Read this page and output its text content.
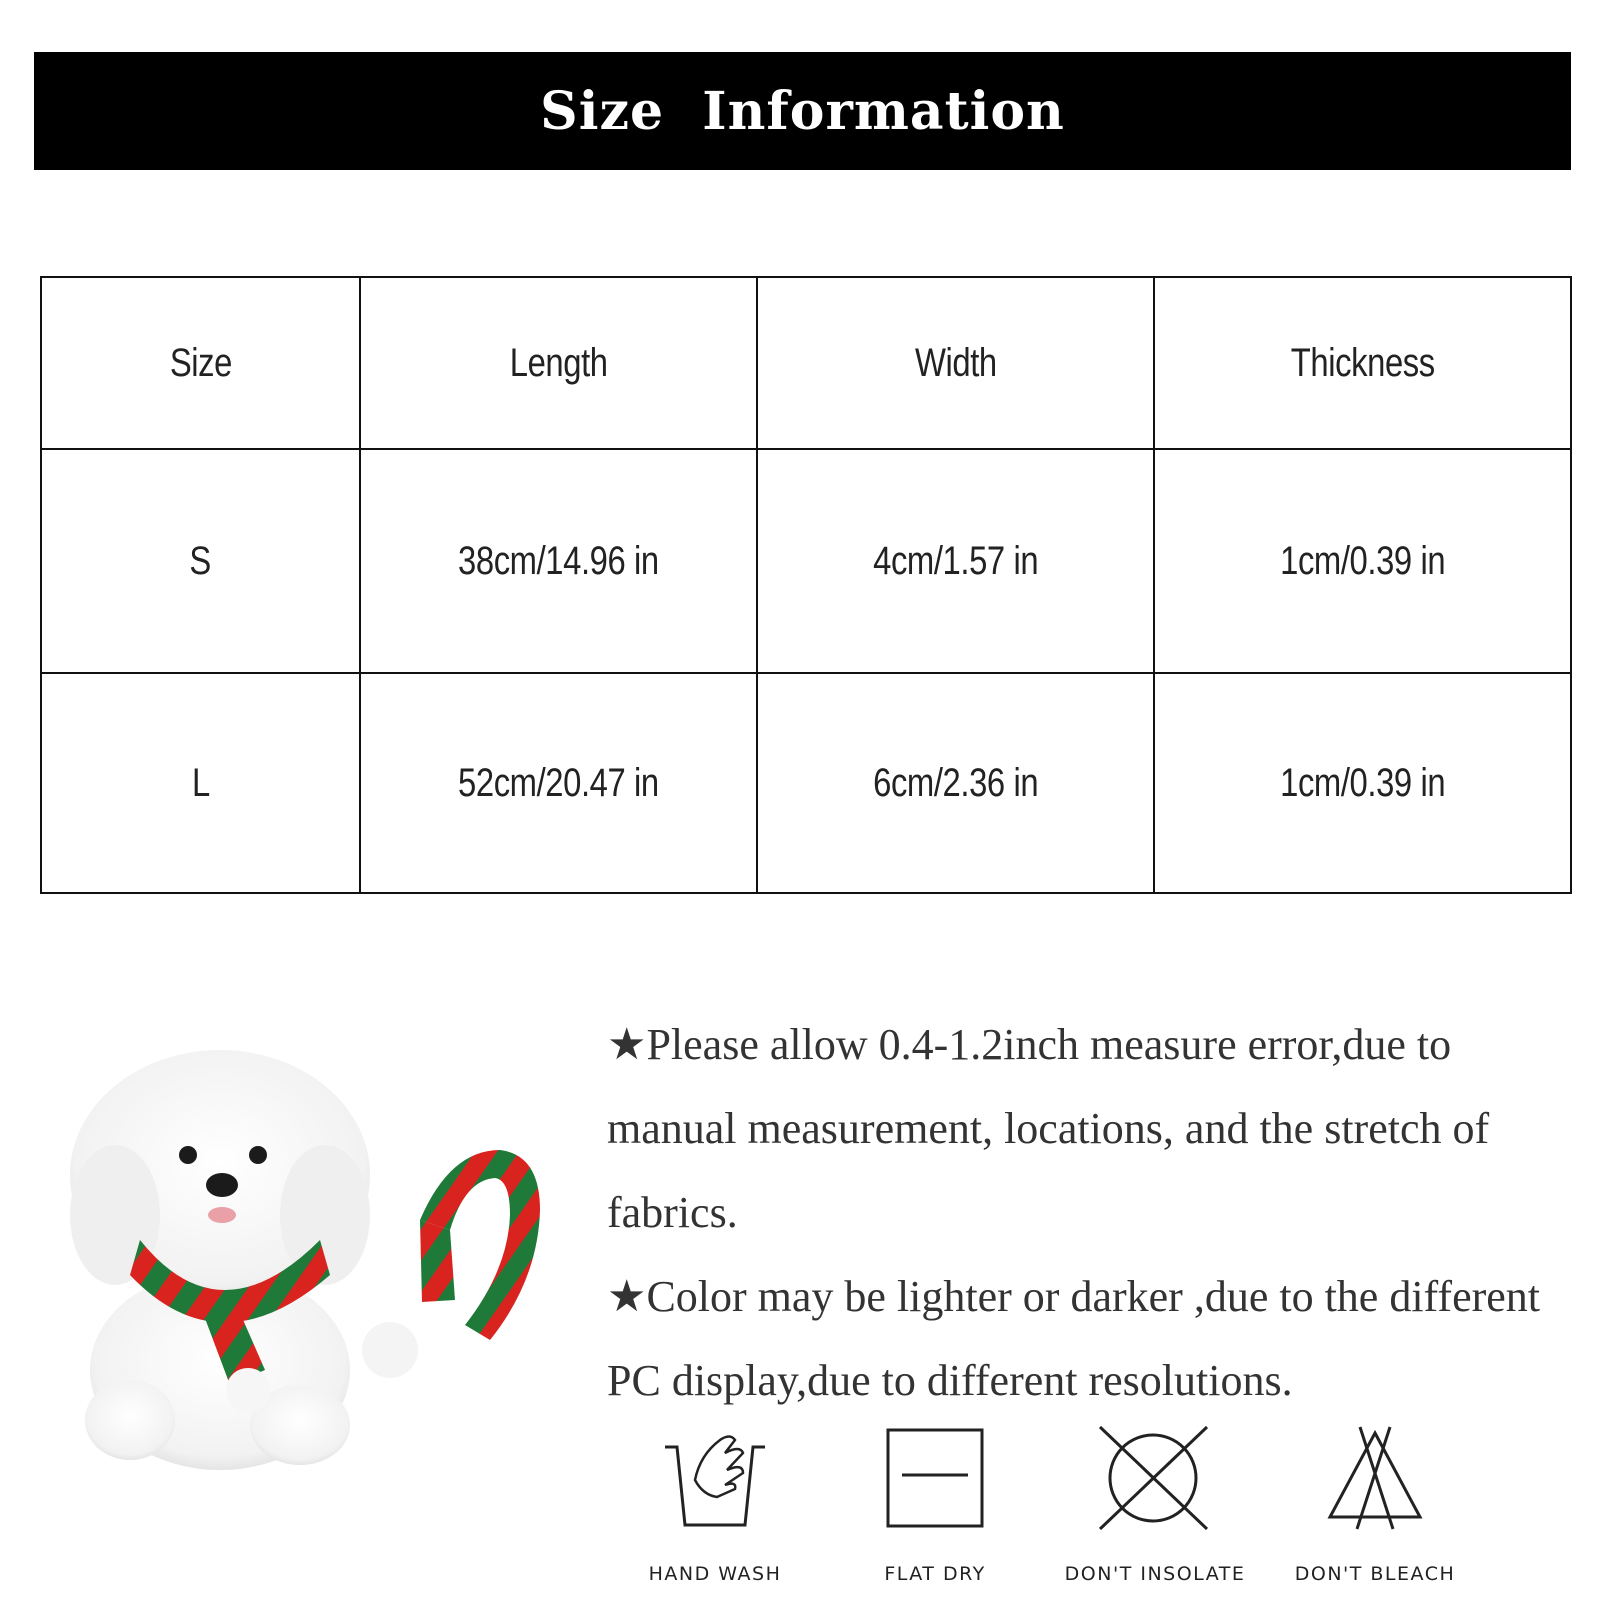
Size  Information
Size	Length	Width	Thickness
S	38cm/14.96 in	4cm/1.57 in	1cm/0.39 in
L	52cm/20.47 in	6cm/2.36 in	1cm/0.39 in

★Please allow 0.4-1.2inch measure error,due to manual measurement, locations, and the stretch of fabrics.

★Color may be lighter or darker ,due to the different PC display,due to different resolutions.

HAND WASH	FLAT DRY	DON'T INSOLATE	DON'T BLEACH
